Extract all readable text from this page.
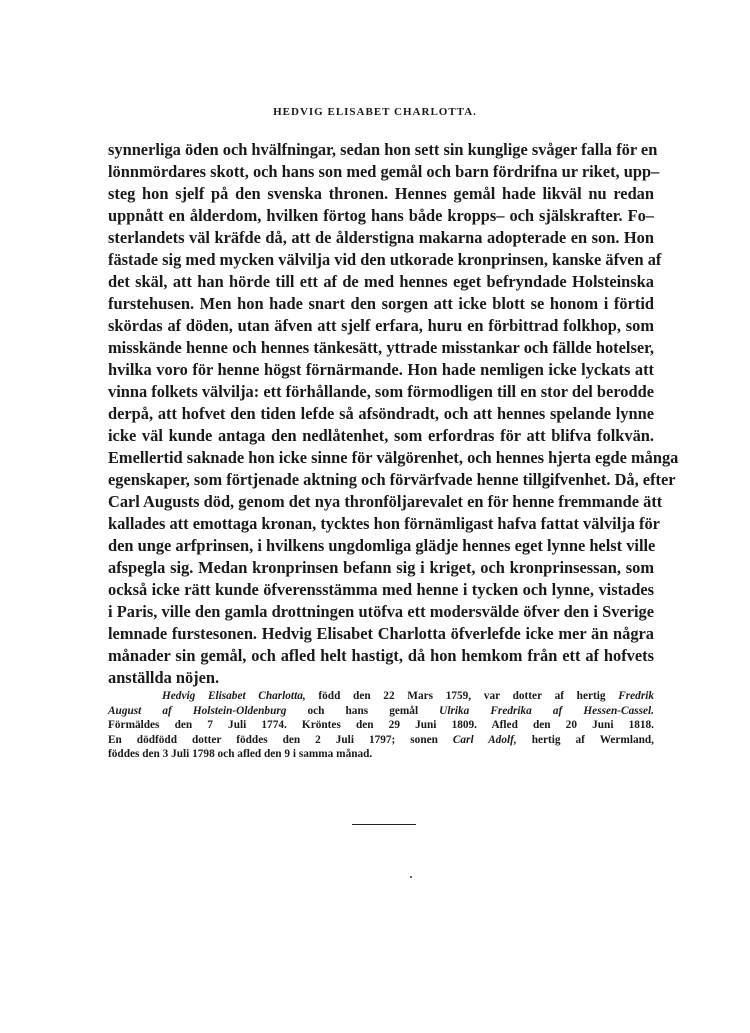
HEDVIG ELISABET CHARLOTTA.
synnerliga öden och hvälfningar, sedan hon sett sin kunglige svåger falla för en
lönnmördares skott, och hans son med gemål och barn fördrifna ur riket, upp–
steg hon sjelf på den svenska thronen. Hennes gemål hade likväl nu redan
uppnått en ålderdom, hvilken förtog hans både kropps– och själskrafter. Fo–
sterlandets väl kräfde då, att de ålderstigna makarna adopterade en son. Hon
fästade sig med mycken välvilja vid den utkorade kronprinsen, kanske äfven af
det skäl, att han hörde till ett af de med hennes eget befryndade Holsteinska
furstehusen. Men hon hade snart den sorgen att icke blott se honom i förtid
skördas af döden, utan äfven att sjelf erfara, huru en förbittrad folkhop, som
misskände henne och hennes tänkesätt, yttrade misstankar och fällde hotelser,
hvilka voro för henne högst förnärmande. Hon hade nemligen icke lyckats att
vinna folkets välvilja: ett förhållande, som förmodligen till en stor del berodde
derpå, att hofvet den tiden lefde så afsöndradt, och att hennes spelande lynne
icke väl kunde antaga den nedlåtenhet, som erfordras för att blifva folkvän.
Emellertid saknade hon icke sinne för välgörenhet, och hennes hjerta egde många
egenskaper, som förtjenade aktning och förvärfvade henne tillgifvenhet. Då, efter
Carl Augusts död, genom det nya thronföljarevalet en för henne fremmande ätt
kallades att emottaga kronan, tycktes hon förnämligast hafva fattat välvilja för
den unge arfprinsen, i hvilkens ungdomliga glädje hennes eget lynne helst ville
afspegla sig. Medan kronprinsen befann sig i kriget, och kronprinsessan, som
också icke rätt kunde öfverensstämma med henne i tycken och lynne, vistades
i Paris, ville den gamla drottningen utöfva ett modersvälde öfver den i Sverige
lemnade furstesonen. Hedvig Elisabet Charlotta öfverlefde icke mer än några
månader sin gemål, och afled helt hastigt, då hon hemkom från ett af hofvets
anställda nöjen.
Hedvig Elisabet Charlotta, född den 22 Mars 1759, var dotter af hertig Fredrik
August af Holstein-Oldenburg och hans gemål Ulrika Fredrika af Hessen-Cassel.
Förmäldes den 7 Juli 1774. Kröntes den 29 Juni 1809. Afled den 20 Juni 1818.
En dödfödd dotter föddes den 2 Juli 1797; sonen Carl Adolf, hertig af Wermland,
föddes den 3 Juli 1798 och afled den 9 i samma månad.
